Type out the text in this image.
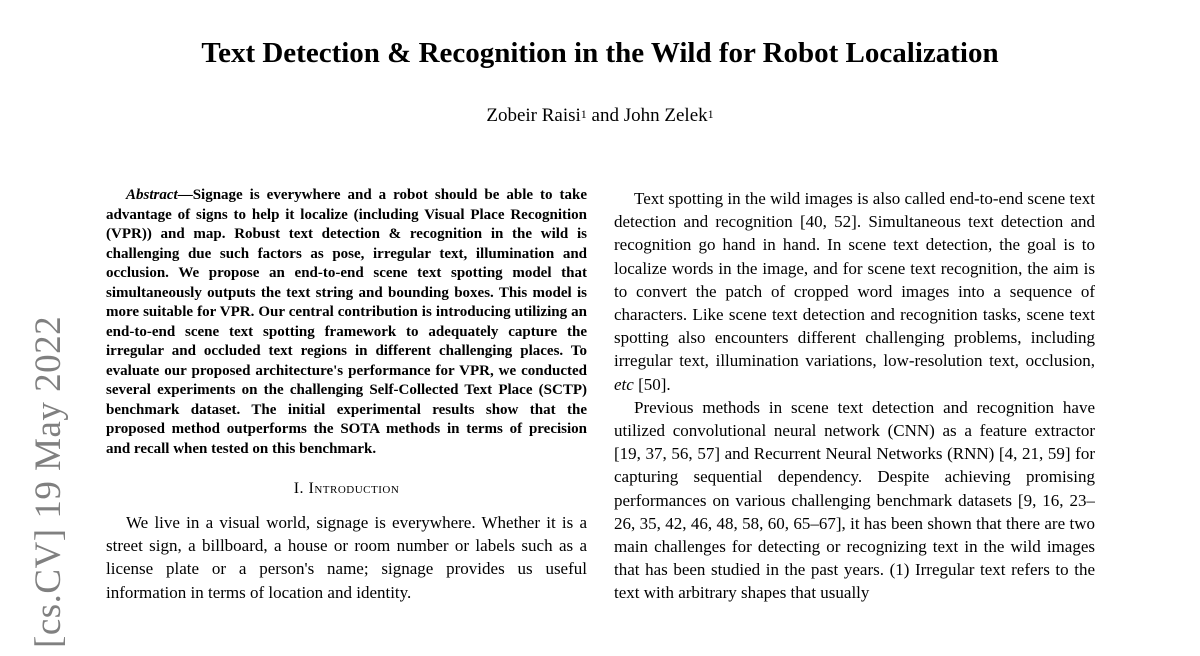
[cs.CV] 19 May 2022
Text Detection & Recognition in the Wild for Robot Localization
Zobeir Raisi$^1$ and John Zelek$^1$

Abstract—Signage is everywhere and a robot should be able to take advantage of signs to help it localize (including Visual Place Recognition (VPR)) and map. Robust text detection & recognition in the wild is challenging due such factors as pose, irregular text, illumination and occlusion. We propose an end-to-end scene text spotting model that simultaneously outputs the text string and bounding boxes. This model is more suitable for VPR. Our central contribution is introducing utilizing an end-to-end scene text spotting framework to adequately capture the irregular and occluded text regions in different challenging places. To evaluate our proposed architecture's performance for VPR, we conducted several experiments on the challenging Self-Collected Text Place (SCTP) benchmark dataset. The initial experimental results show that the proposed method outperforms the SOTA methods in terms of precision and recall when tested on this benchmark.

I. Introduction

We live in a visual world, signage is everywhere. Whether it is a street sign, a billboard, a house or room number or labels such as a license plate or a person's name; signage provides us useful information in terms of location and identity.

Text spotting in the wild images is also called end-to-end scene text detection and recognition [40, 52]. Simultaneous text detection and recognition go hand in hand. In scene text detection, the goal is to localize words in the image, and for scene text recognition, the aim is to convert the patch of cropped word images into a sequence of characters. Like scene text detection and recognition tasks, scene text spotting also encounters different challenging problems, including irregular text, illumination variations, low-resolution text, occlusion, etc [50].

Previous methods in scene text detection and recognition have utilized convolutional neural network (CNN) as a feature extractor [19, 37, 56, 57] and Recurrent Neural Networks (RNN) [4, 21, 59] for capturing sequential dependency. Despite achieving promising performances on various challenging benchmark datasets [9, 16, 23–26, 35, 42, 46, 48, 58, 60, 65–67], it has been shown that there are two main challenges for detecting or recognizing text in the wild images that has been studied in the past years. (1) Irregular text refers to the text with arbitrary shapes that usually
